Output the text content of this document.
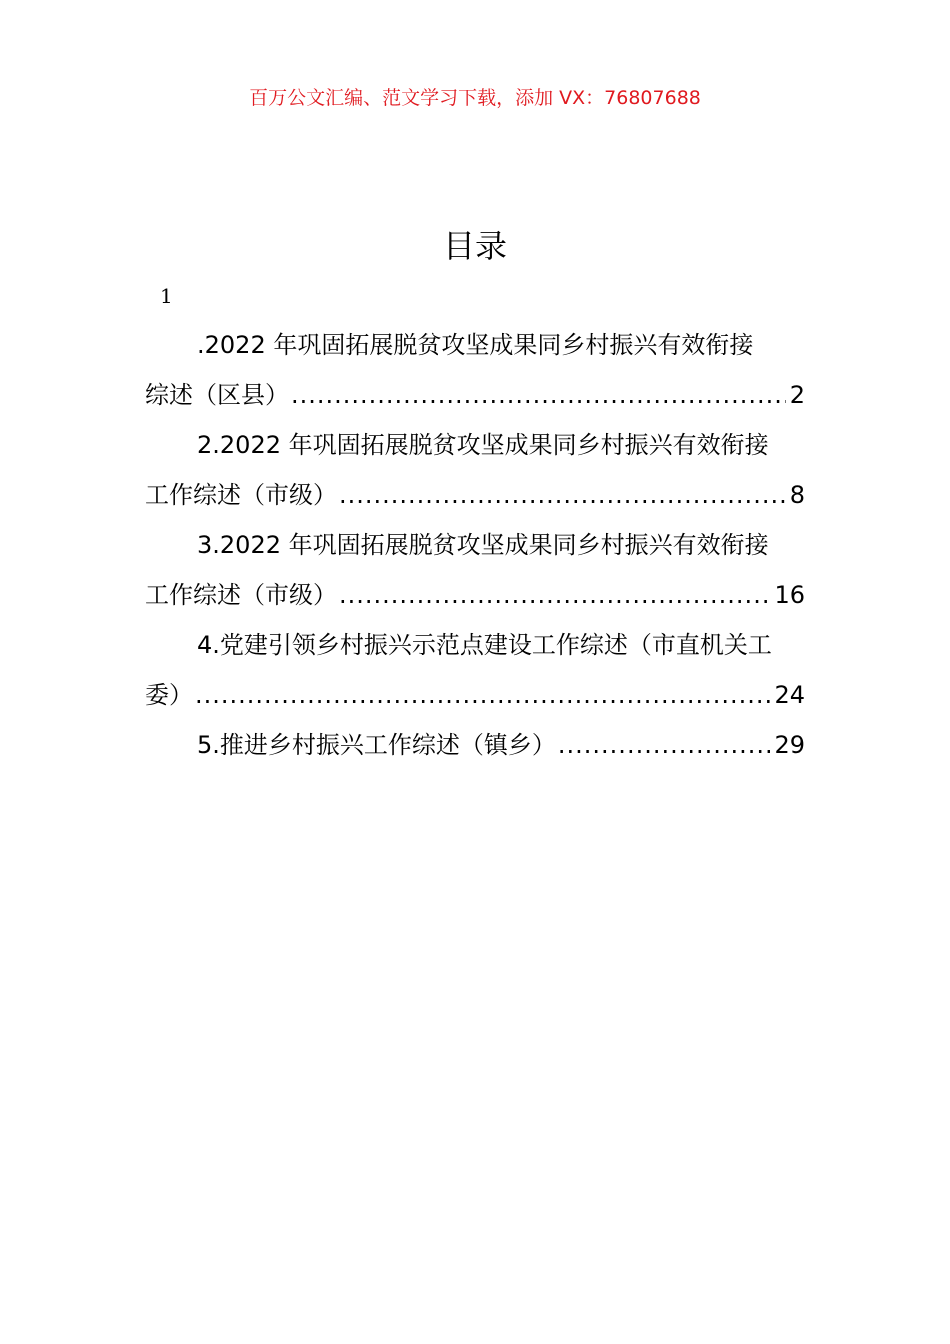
百万公文汇编、范文学习下载，添加 VX：76807688
目录
1
.2022 年巩固拓展脱贫攻坚成果同乡村振兴有效衔接
综述（区县） .....	2
2.2022 年巩固拓展脱贫攻坚成果同乡村振兴有效衔接
工作综述（市级） .....	8
3.2022 年巩固拓展脱贫攻坚成果同乡村振兴有效衔接
工作综述（市级） .....	16
4.党建引领乡村振兴示范点建设工作综述（市直机关工
委） .....	24
5.推进乡村振兴工作综述（镇乡） .....	29
